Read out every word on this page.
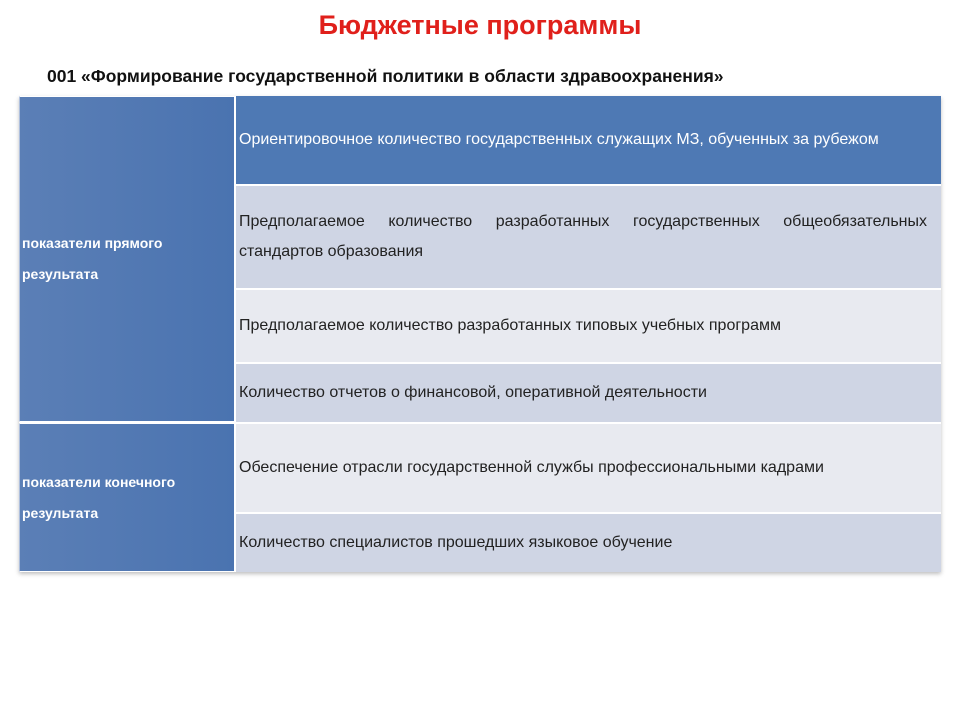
Бюджетные программы
001 «Формирование государственной политики в области здравоохранения»
показатели прямого результата
показатели конечного результата
Ориентировочное количество государственных служащих МЗ, обученных за рубежом
Предполагаемое количество разработанных государственных общеобязательных стандартов образования
Предполагаемое количество разработанных типовых учебных программ
Количество отчетов о финансовой, оперативной деятельности
Обеспечение отрасли государственной службы профессиональными кадрами
Количество специалистов прошедших языковое обучение
